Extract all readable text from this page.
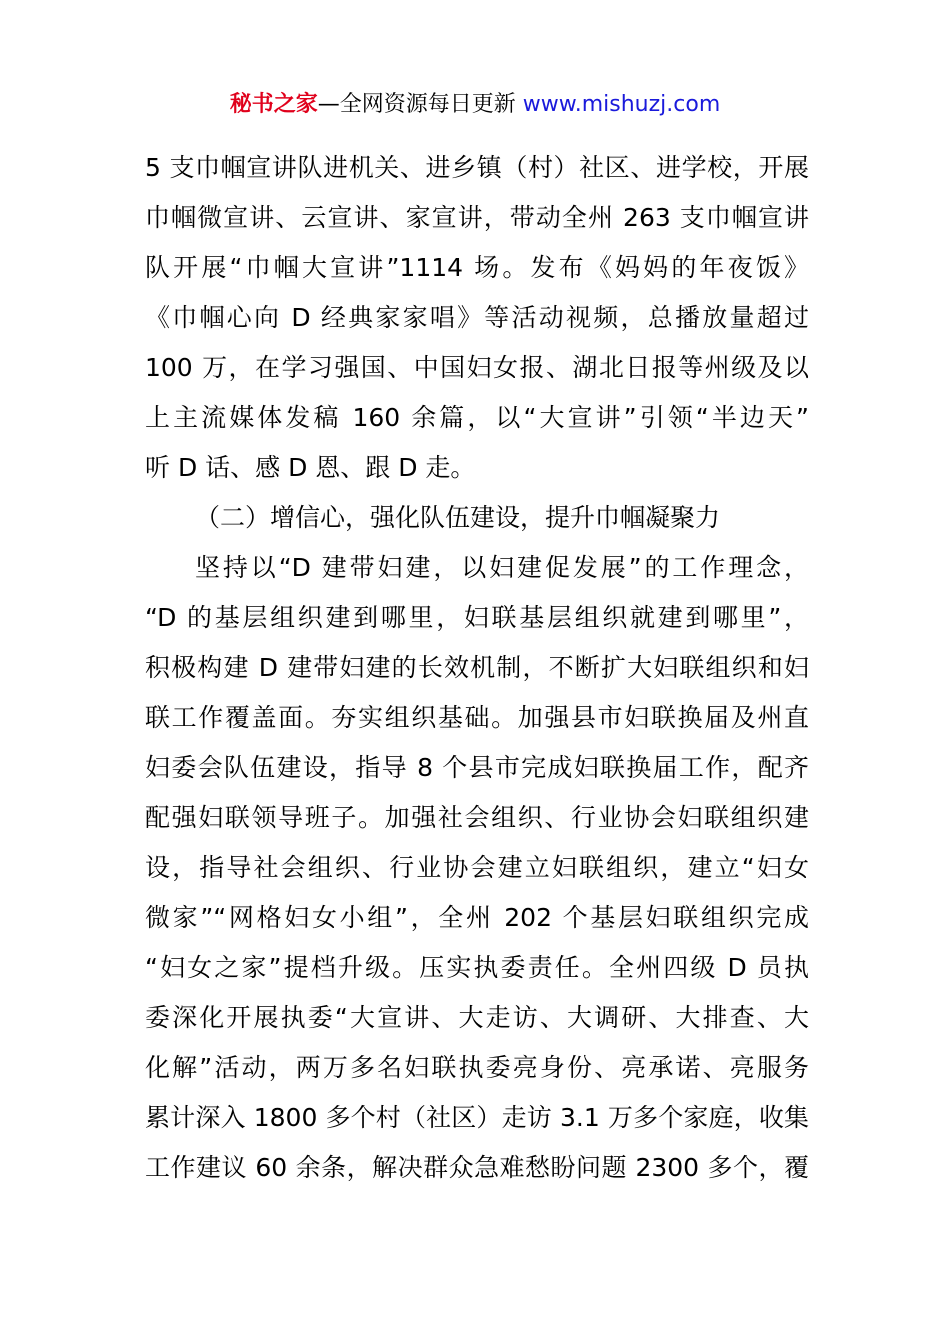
秘书之家—全网资源每日更新 www.mishuzj.com
5 支巾帼宣讲队进机关、进乡镇（村）社区、进学校，开展
巾帼微宣讲、云宣讲、家宣讲，带动全州 263 支巾帼宣讲
队开展“巾帼大宣讲”1114 场。发布《妈妈的年夜饭》
《巾帼心向 D 经典家家唱》等活动视频，总播放量超过
100 万，在学习强国、中国妇女报、湖北日报等州级及以
上主流媒体发稿 160 余篇，以“大宣讲”引领“半边天”
听 D 话、感 D 恩、跟 D 走。
（二）增信心，强化队伍建设，提升巾帼凝聚力
坚持以“D 建带妇建，以妇建促发展”的工作理念，
“D 的基层组织建到哪里，妇联基层组织就建到哪里”，
积极构建 D 建带妇建的长效机制，不断扩大妇联组织和妇
联工作覆盖面。夯实组织基础。加强县市妇联换届及州直
妇委会队伍建设，指导 8 个县市完成妇联换届工作，配齐
配强妇联领导班子。加强社会组织、行业协会妇联组织建
设，指导社会组织、行业协会建立妇联组织，建立“妇女
微家”“网格妇女小组”，全州 202 个基层妇联组织完成
“妇女之家”提档升级。压实执委责任。全州四级 D 员执
委深化开展执委“大宣讲、大走访、大调研、大排查、大
化解”活动，两万多名妇联执委亮身份、亮承诺、亮服务
累计深入 1800 多个村（社区）走访 3.1 万多个家庭，收集
工作建议 60 余条，解决群众急难愁盼问题 2300 多个，覆
